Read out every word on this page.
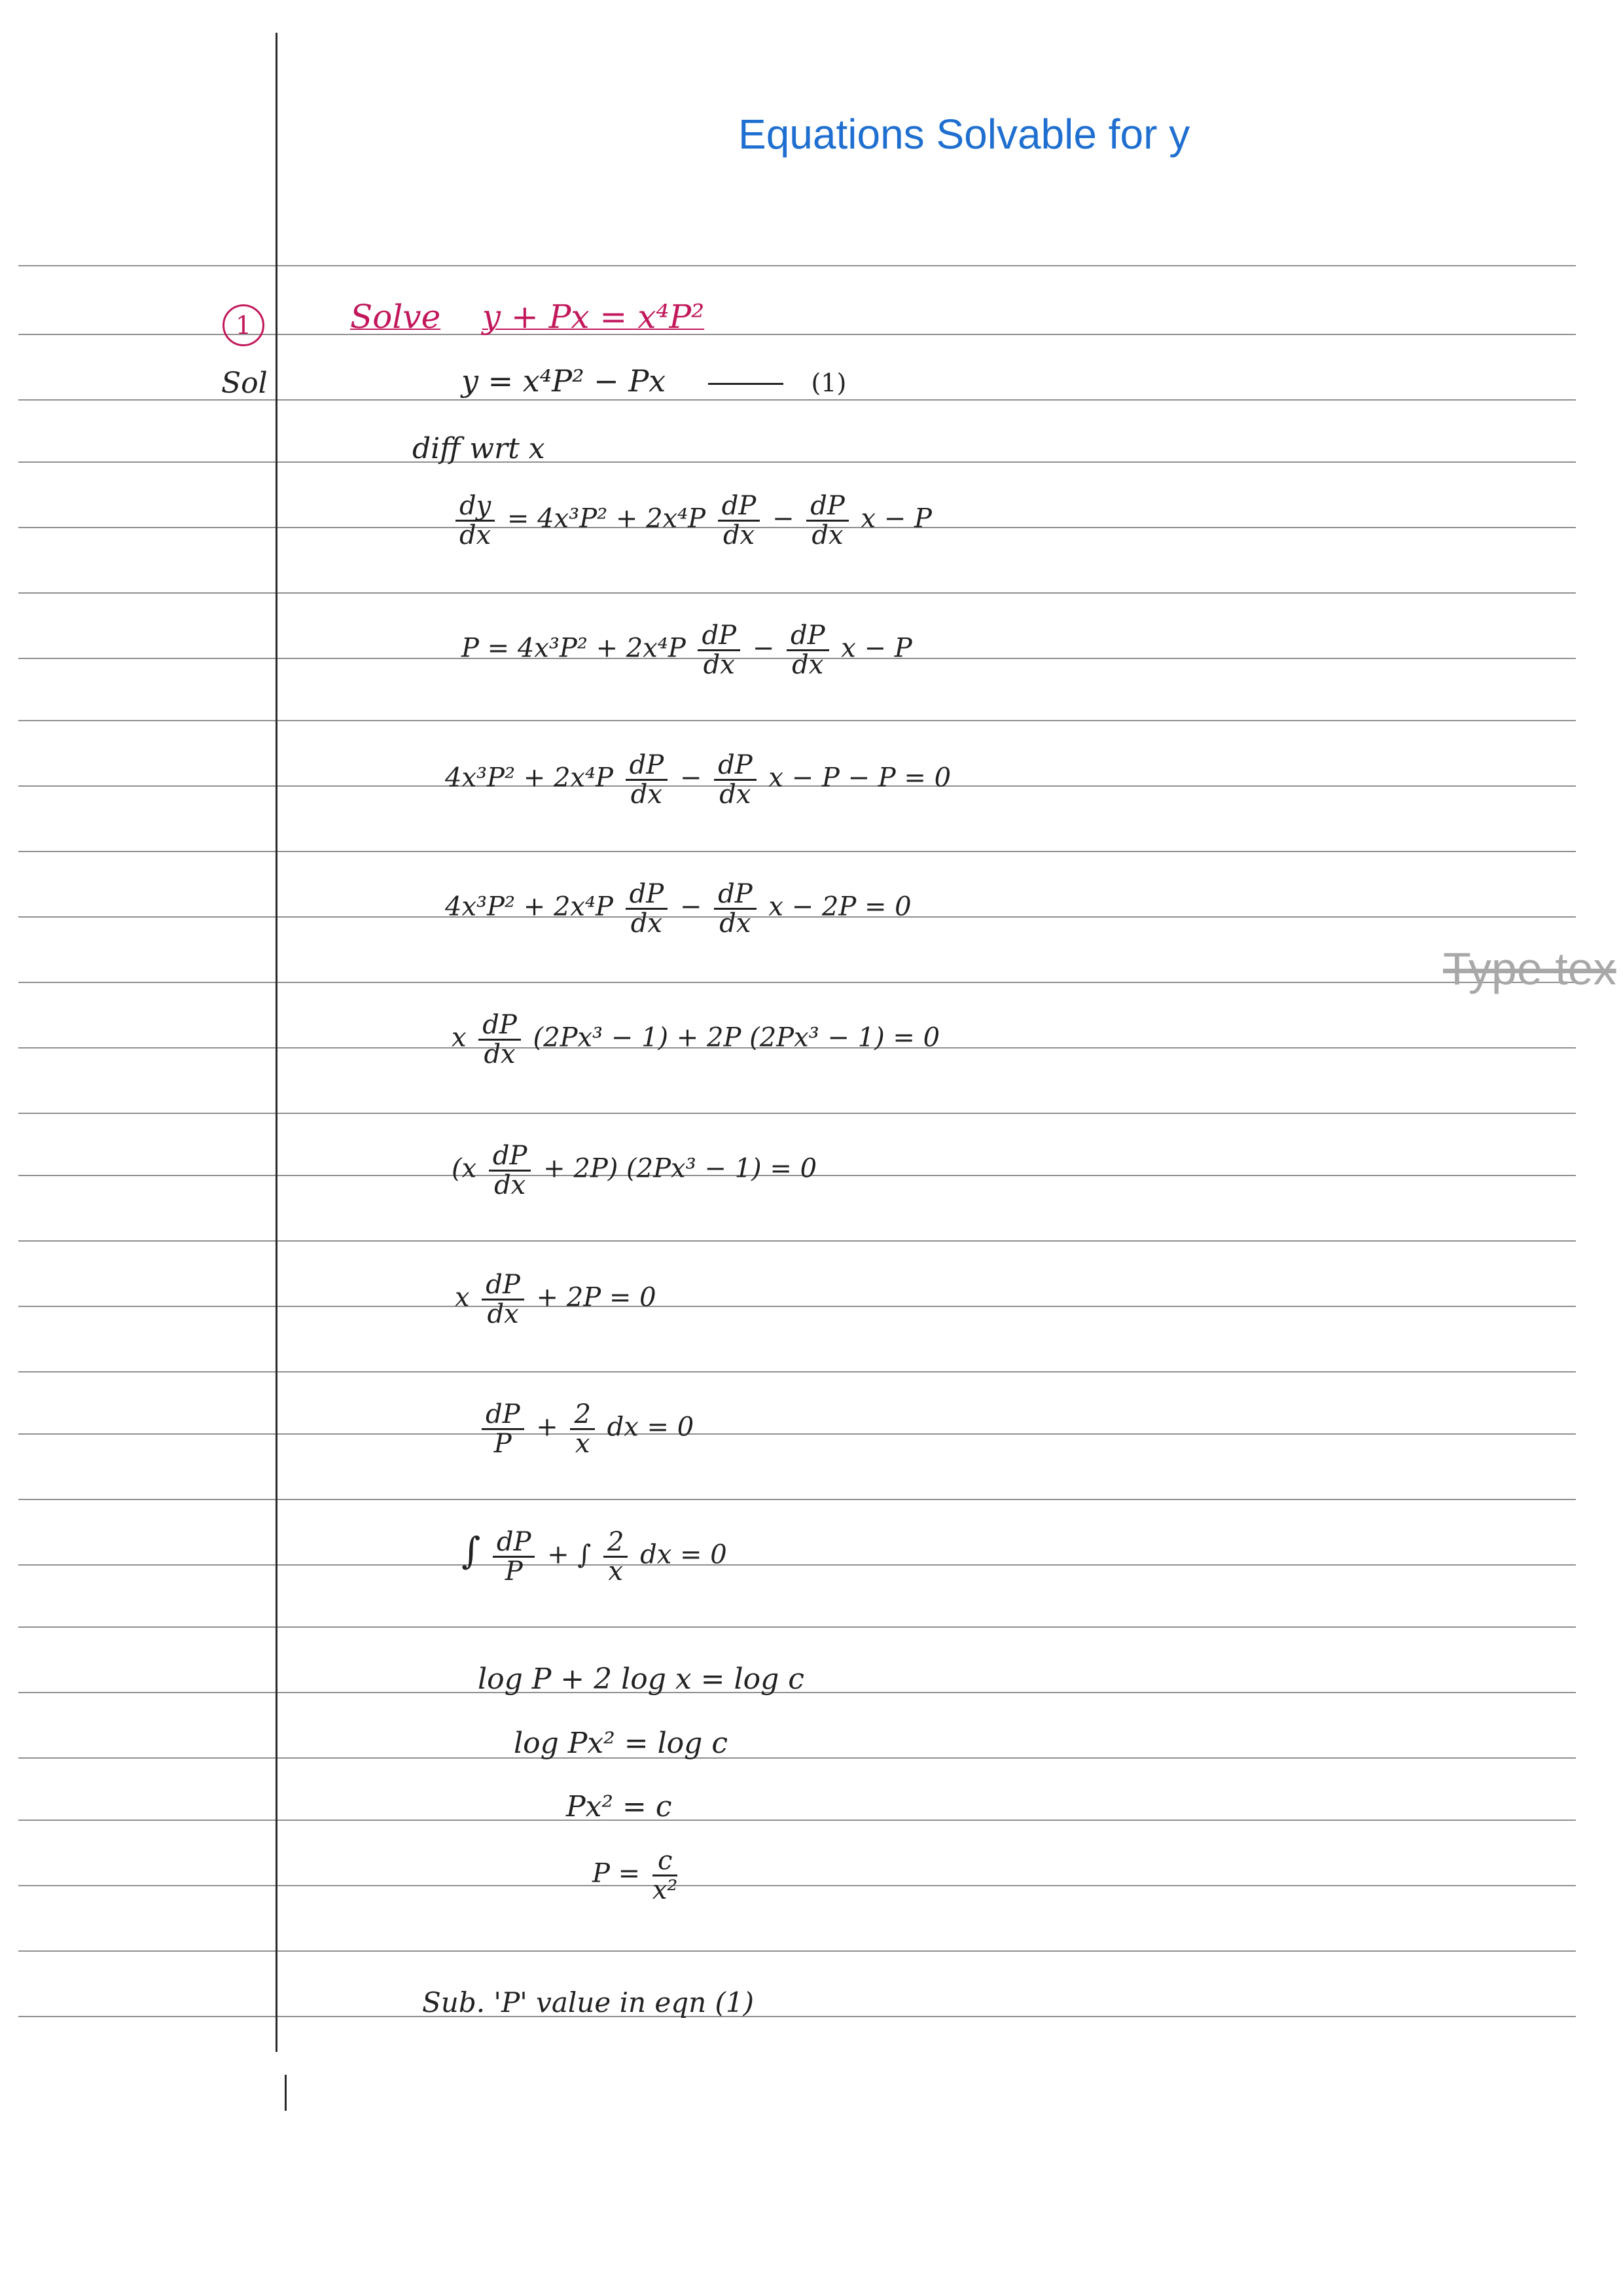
Equations Solvable for y
Type tex
1
Sol
Solve y + Px = x⁴P²
y = x⁴P² − Px	(1)
diff wrt x
$\frac{dy}{dx} = 4x^3P^2 + 2x^4P \frac{dP}{dx} - \frac{dP}{dx}$ x − P
$P = 4x^3P^2 + 2x^4P \frac{dP}{dx} - \frac{dP}{dx}$ x − P
$4x^3P^2 + 2x^4P \frac{dP}{dx} - \frac{dP}{dx}$ x − P − P = 0
$4x^3P^2 + 2x^4P \frac{dP}{dx} - \frac{dP}{dx}$ x − 2P = 0
x $\frac{dP}{dx} (2Px^3 - 1) + 2P$ (2Px³ − 1) = 0
$(x \frac{dP}{dx} + 2P)$ (2Px³ − 1) = 0
x $\frac{dP}{dx} + 2P = 0$
$\frac{dP}{P} + \frac{2}{x}$ dx = 0
∫ $\frac{dP}{P}$ + ∫ $\frac{2}{x}$ dx = 0
log P + 2 log x = log c
log Px² = log c
Px² = c
$P = \frac{c}{\text{x²}}$
Sub. 'P' value in eqn (1)
